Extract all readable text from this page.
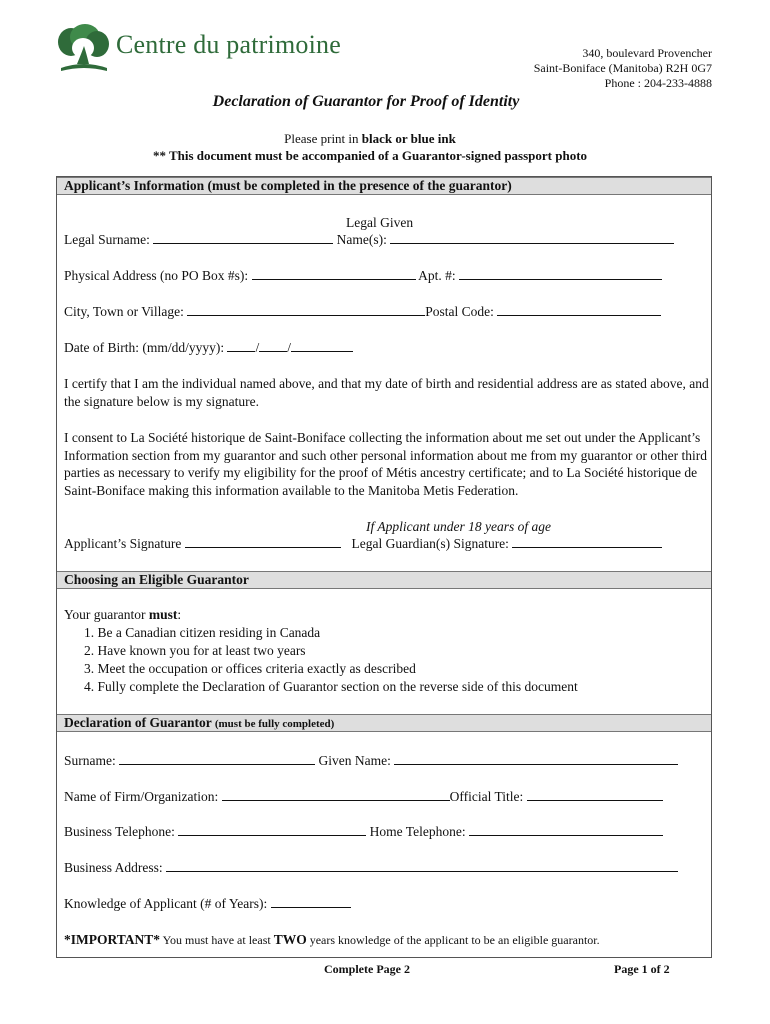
Centre du patrimoine	340, boulevard Provencher
Saint-Boniface (Manitoba) R2H 0G7
Phone : 204-233-4888
Declaration of Guarantor for Proof of Identity
Please print in black or blue ink
** This document must be accompanied of a Guarantor-signed passport photo
Applicant’s Information (must be completed in the presence of the guarantor)
Legal Given
Legal Surname:	Name(s):
Physical Address (no PO Box #s):	Apt. #:
City, Town or Village:	Postal Code:
Date of Birth: (mm/dd/yyyy): / /
I certify that I am the individual named above, and that my date of birth and residential address are as stated above, and the signature below is my signature.
I consent to La Société historique de Saint-Boniface collecting the information about me set out under the Applicant’s Information section from my guarantor and such other personal information about me from my guarantor or other third parties as necessary to verify my eligibility for the proof of Métis ancestry certificate; and to La Société historique de Saint-Boniface making this information available to the Manitoba Metis Federation.
If Applicant under 18 years of age
Applicant’s Signature	Legal Guardian(s) Signature:
Choosing an Eligible Guarantor
Your guarantor must:
1. Be a Canadian citizen residing in Canada
2. Have known you for at least two years
3. Meet the occupation or offices criteria exactly as described
4. Fully complete the Declaration of Guarantor section on the reverse side of this document
Declaration of Guarantor (must be fully completed)
Surname:	Given Name:
Name of Firm/Organization:	Official Title:
Business Telephone:	Home Telephone:
Business Address:
Knowledge of Applicant (# of Years):
*IMPORTANT* You must have at least TWO years knowledge of the applicant to be an eligible guarantor.
Complete Page 2	Page 1 of 2
